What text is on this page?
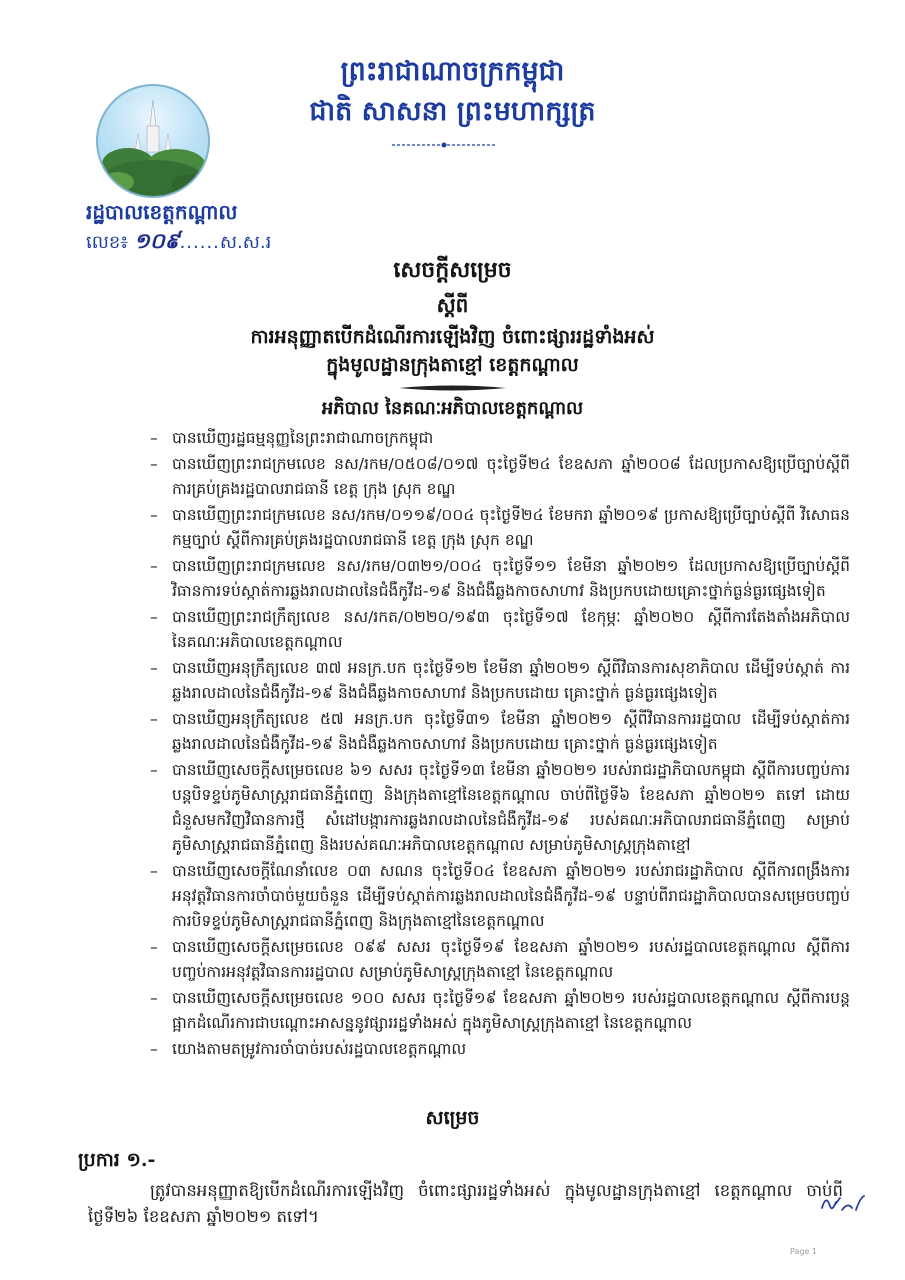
ព្រះរាជាណាចក្រកម្ពុជា
ជាតិ សាសនា ព្រះមហាក្សត្រ
រដ្ឋបាលខេត្តកណ្ដាល
លេខ៖ ១០៩......ស.ស.រ
សេចក្ដីសម្រេច
ស្ដីពី
ការអនុញ្ញាតបើកដំណើរការឡើងវិញ ចំពោះផ្សាររដ្ឋទាំងអស់
ក្នុងមូលដ្ឋានក្រុងតាខ្មៅ ខេត្តកណ្ដាល
អភិបាល នៃគណៈអភិបាលខេត្តកណ្ដាល
– បានឃើញរដ្ឋធម្មនុញ្ញនៃព្រះរាជាណាចក្រកម្ពុជា
– បានឃើញព្រះរាជក្រមលេខ នស/រកម/០៥០៨/០១៧ ចុះថ្ងៃទី២៤ ខែឧសភា ឆ្នាំ២០០៨ ដែលប្រកាសឱ្យប្រើច្បាប់ស្ដីពីការគ្រប់គ្រងរដ្ឋបាលរាជធានី ខេត្ត ក្រុង ស្រុក ខណ្ឌ
– បានឃើញព្រះរាជក្រមលេខ នស/រកម/០១១៩/០០៤ ចុះថ្ងៃទី២៤ ខែមករា ឆ្នាំ២០១៩ ប្រកាសឱ្យប្រើច្បាប់ស្ដីពី វិសោធនកម្មច្បាប់ ស្ដីពីការគ្រប់គ្រងរដ្ឋបាលរាជធានី ខេត្ត ក្រុង ស្រុក ខណ្ឌ
– បានឃើញព្រះរាជក្រមលេខ នស/រកម/០៣២១/០០៤ ចុះថ្ងៃទី១១ ខែមីនា ឆ្នាំ២០២១ ដែលប្រកាសឱ្យប្រើច្បាប់ស្ដីពី វិធានការទប់ស្កាត់ការឆ្លងរាលដាលនៃជំងឺកូវីដ-១៩ និងជំងឺឆ្លងកាចសាហាវ និងប្រកបដោយគ្រោះថ្នាក់ធ្ងន់ធ្ងរផ្សេងទៀត
– បានឃើញព្រះរាជក្រឹត្យលេខ នស/រកត/០២២០/១៩៣ ចុះថ្ងៃទី១៧ ខែកុម្ភៈ ឆ្នាំ២០២០ ស្ដីពីការតែងតាំងអភិបាលនៃគណៈអភិបាលខេត្តកណ្ដាល
– បានឃើញអនុក្រឹត្យលេខ ៣៧ អនក្រ.បក ចុះថ្ងៃទី១២ ខែមីនា ឆ្នាំ២០២១ ស្ដីពីវិធានការសុខាភិបាល ដើម្បីទប់ស្កាត់ ការឆ្លងរាលដាលនៃជំងឺកូវីដ-១៩ និងជំងឺឆ្លងកាចសាហាវ និងប្រកបដោយ គ្រោះថ្នាក់ ធ្ងន់ធ្ងរផ្សេងទៀត
– បានឃើញអនុក្រឹត្យលេខ ៥៧ អនក្រ.បក ចុះថ្ងៃទី៣១ ខែមីនា ឆ្នាំ២០២១ ស្ដីពីវិធានការរដ្ឋបាល ដើម្បីទប់ស្កាត់ការឆ្លងរាលដាលនៃជំងឺកូវីដ-១៩ និងជំងឺឆ្លងកាចសាហាវ និងប្រកបដោយ គ្រោះថ្នាក់ ធ្ងន់ធ្ងរផ្សេងទៀត
– បានឃើញសេចក្ដីសម្រេចលេខ ៦១ សសរ ចុះថ្ងៃទី១៣ ខែមីនា ឆ្នាំ២០២១ របស់រាជរដ្ឋាភិបាលកម្ពុជា ស្ដីពីការបញ្ចប់ការបន្តបិទខ្ទប់ភូមិសាស្ត្ររាជធានីភ្នំពេញ និងក្រុងតាខ្មៅនៃខេត្តកណ្ដាល ចាប់ពីថ្ងៃទី៦ ខែឧសភា ឆ្នាំ២០២១ តទៅ ដោយជំនួសមកវិញវិធានការថ្មី សំដៅបង្ការការឆ្លងរាលដាលនៃជំងឺកូវីដ-១៩ របស់គណៈអភិបាលរាជធានីភ្នំពេញ សម្រាប់ភូមិសាស្ត្ររាជធានីភ្នំពេញ និងរបស់គណៈអភិបាលខេត្តកណ្ដាល សម្រាប់ភូមិសាស្ត្រក្រុងតាខ្មៅ
– បានឃើញសេចក្ដីណែនាំលេខ ០៣ សណន ចុះថ្ងៃទី០៤ ខែឧសភា ឆ្នាំ២០២១ របស់រាជរដ្ឋាភិបាល ស្ដីពីការពង្រឹងការអនុវត្តវិធានការចាំបាច់មួយចំនួន ដើម្បីទប់ស្កាត់ការឆ្លងរាលដាលនៃជំងឺកូវីដ-១៩ បន្ទាប់ពីរាជរដ្ឋាភិបាលបានសម្រេចបញ្ចប់ការបិទខ្ទប់ភូមិសាស្ត្ររាជធានីភ្នំពេញ និងក្រុងតាខ្មៅនៃខេត្តកណ្ដាល
– បានឃើញសេចក្ដីសម្រេចលេខ ០៩៩ សសរ ចុះថ្ងៃទី១៩ ខែឧសភា ឆ្នាំ២០២១ របស់រដ្ឋបាលខេត្តកណ្ដាល ស្ដីពីការបញ្ចប់ការអនុវត្តវិធានការរដ្ឋបាល សម្រាប់ភូមិសាស្ត្រក្រុងតាខ្មៅ នៃខេត្តកណ្ដាល
– បានឃើញសេចក្ដីសម្រេចលេខ ១០០ សសរ ចុះថ្ងៃទី១៩ ខែឧសភា ឆ្នាំ២០២១ របស់រដ្ឋបាលខេត្តកណ្ដាល ស្ដីពីការបន្តផ្អាកដំណើរការជាបណ្ដោះអាសន្ននូវផ្សាររដ្ឋទាំងអស់ ក្នុងភូមិសាស្ត្រក្រុងតាខ្មៅ នៃខេត្តកណ្ដាល
– យោងតាមតម្រូវការចាំបាច់របស់រដ្ឋបាលខេត្តកណ្ដាល
សម្រេច
ប្រការ ១.-
ត្រូវបានអនុញ្ញាតឱ្យបើកដំណើរការឡើងវិញ ចំពោះផ្សាររដ្ឋទាំងអស់ ក្នុងមូលដ្ឋានក្រុងតាខ្មៅ ខេត្តកណ្ដាល ចាប់ពីថ្ងៃទី២៦ ខែឧសភា ឆ្នាំ២០២១ តទៅ។
Page 1
